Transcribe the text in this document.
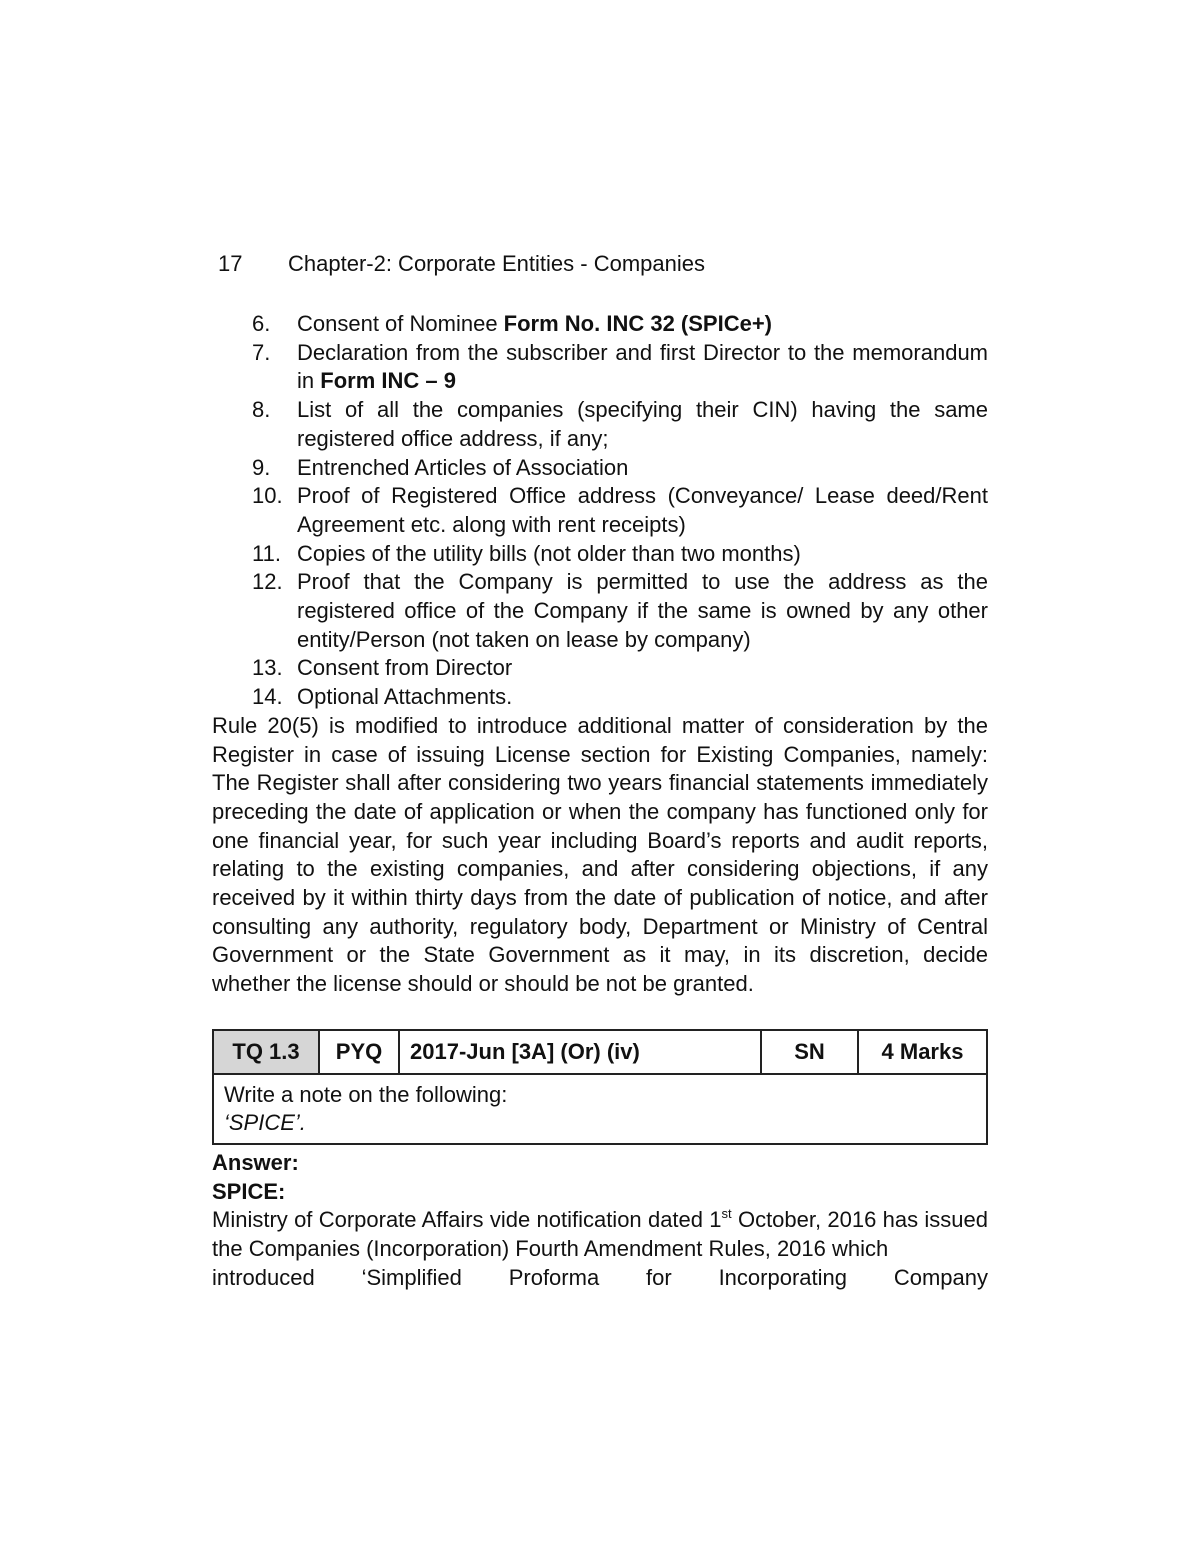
17 Chapter-2: Corporate Entities - Companies
6.	Consent of Nominee Form No. INC 32 (SPICe+)
7.	Declaration from the subscriber and first Director to the memorandum in Form INC – 9
8.	List of all the companies (specifying their CIN) having the same registered office address, if any;
9.	Entrenched Articles of Association
10. Proof of Registered Office address (Conveyance/ Lease deed/Rent Agreement etc. along with rent receipts)
11. Copies of the utility bills (not older than two months)
12. Proof that the Company is permitted to use the address as the registered office of the Company if the same is owned by any other entity/Person (not taken on lease by company)
13. Consent from Director
14. Optional Attachments.

Rule 20(5) is modified to introduce additional matter of consideration by the Register in case of issuing License section for Existing Companies, namely: The Register shall after considering two years financial statements immediately preceding the date of application or when the company has functioned only for one financial year, for such year including Board’s reports and audit reports, relating to the existing companies, and after considering objections, if any received by it within thirty days from the date of publication of notice, and after consulting any authority, regulatory body, Department or Ministry of Central Government or the State Government as it may, in its discretion, decide whether the license should or should be not be granted.

TQ 1.3	PYQ	2017-Jun [3A] (Or) (iv)	SN	4 Marks

Write a note on the following:
‘SPICE’.
Answer:
SPICE:

Ministry of Corporate Affairs vide notification dated 1st October, 2016 has issued the Companies (Incorporation) Fourth Amendment Rules, 2016 which

introduced ‘Simplified Proforma for Incorporating Company
